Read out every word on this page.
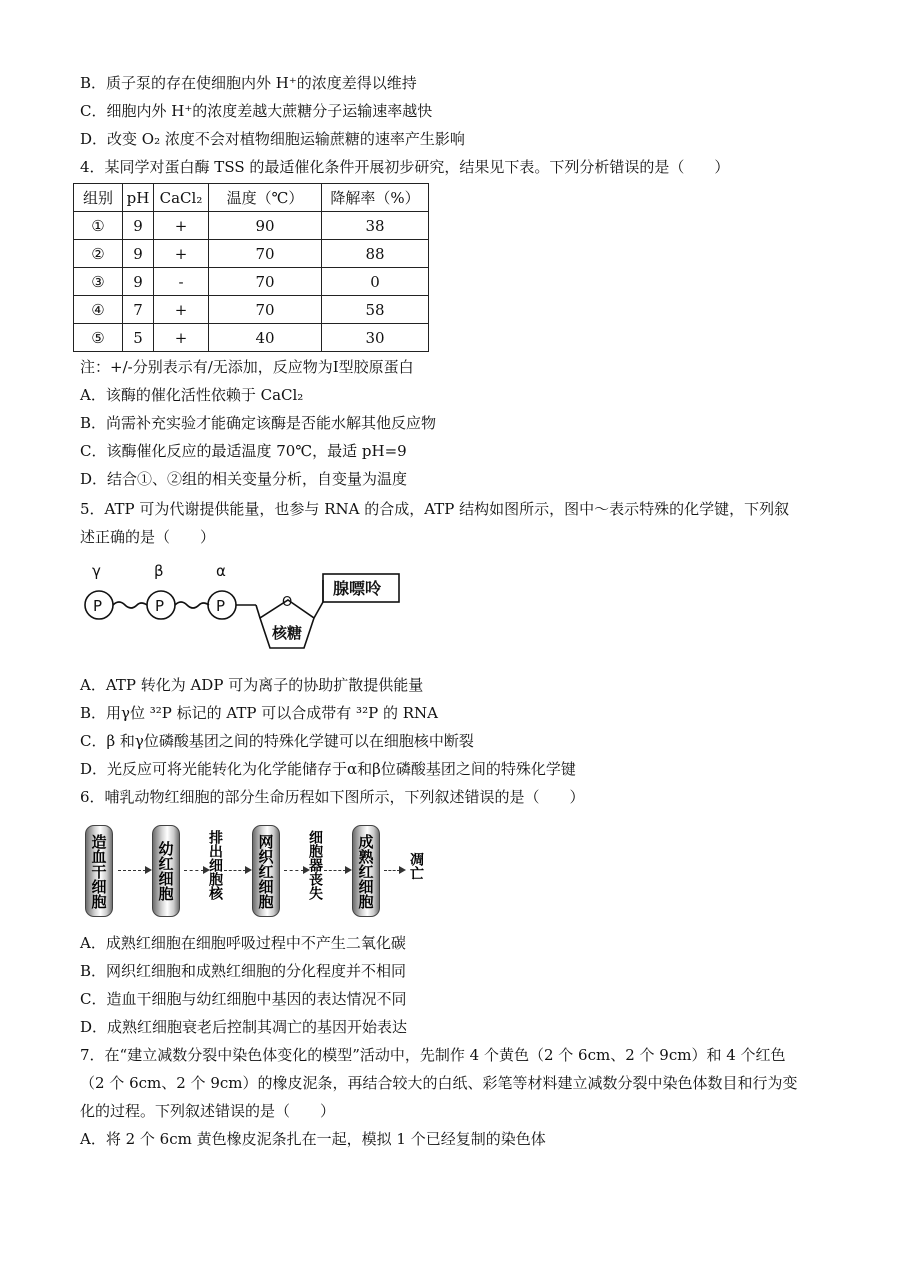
B．质子泵的存在使细胞内外 H⁺的浓度差得以维持
C．细胞内外 H⁺的浓度差越大蔗糖分子运输速率越快
D．改变 O₂ 浓度不会对植物细胞运输蔗糖的速率产生影响
4．某同学对蛋白酶 TSS 的最适催化条件开展初步研究，结果见下表。下列分析错误的是（　　）
组别	pH	CaCl₂	温度（℃）	降解率（%）
①	9	+	90	38
②	9	+	70	88
③	9	-	70	0
④	7	+	70	58
⑤	5	+	40	30
注：+/-分别表示有/无添加，反应物为Ⅰ型胶原蛋白
A．该酶的催化活性依赖于 CaCl₂
B．尚需补充实验才能确定该酶是否能水解其他反应物
C．该酶催化反应的最适温度 70℃，最适 pH=9
D．结合①、②组的相关变量分析，自变量为温度
5．ATP 可为代谢提供能量，也参与 RNA 的合成，ATP 结构如图所示，图中～表示特殊的化学键，下列叙
述正确的是（　　）
γ	β	α
P	P	P	O
核糖
腺嘌呤
A．ATP 转化为 ADP 可为离子的协助扩散提供能量
B．用γ位 ³²P 标记的 ATP 可以合成带有 ³²P 的 RNA
C．β 和γ位磷酸基团之间的特殊化学键可以在细胞核中断裂
D．光反应可将光能转化为化学能储存于α和β位磷酸基团之间的特殊化学键
6．哺乳动物红细胞的部分生命历程如下图所示，下列叙述错误的是（　　）
造血干细胞	幼红细胞	排出细胞核	网织红细胞	细胞器丧失	成熟红细胞	凋亡
A．成熟红细胞在细胞呼吸过程中不产生二氧化碳
B．网织红细胞和成熟红细胞的分化程度并不相同
C．造血干细胞与幼红细胞中基因的表达情况不同
D．成熟红细胞衰老后控制其凋亡的基因开始表达
7．在“建立减数分裂中染色体变化的模型”活动中，先制作 4 个黄色（2 个 6cm、2 个 9cm）和 4 个红色
（2 个 6cm、2 个 9cm）的橡皮泥条，再结合较大的白纸、彩笔等材料建立减数分裂中染色体数目和行为变
化的过程。下列叙述错误的是（　　）
A．将 2 个 6cm 黄色橡皮泥条扎在一起，模拟 1 个已经复制的染色体
